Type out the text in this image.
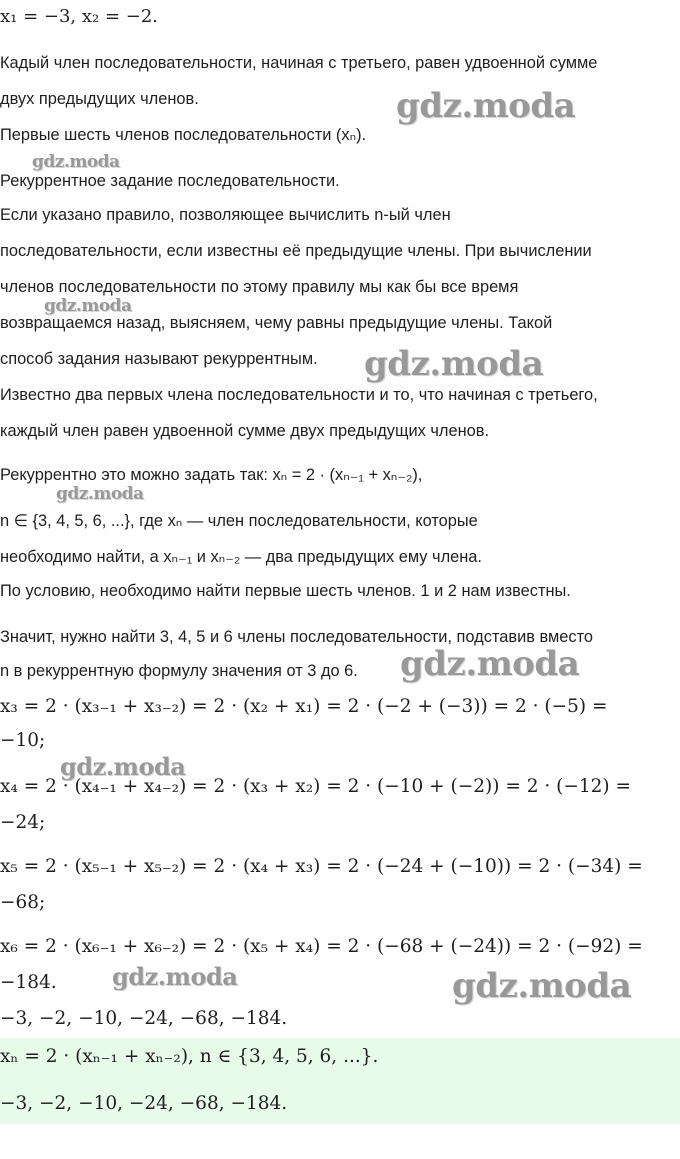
x₁ = −3, x₂ = −2.
Кадый член последовательности, начиная с третьего, равен удвоенной сумме
двух предыдущих членов.
Первые шесть членов последовательности (xₙ).
Рекуррентное задание последовательности.
Если указано правило, позволяющее вычислить n-ый член
последовательности, если известны её предыдущие члены. При вычислении
членов последовательности по этому правилу мы как бы все время
возвращаемся назад, выясняем, чему равны предыдущие члены. Такой
способ задания называют рекуррентным.
Известно два первых члена последовательности и то, что начиная с третьего,
каждый член равен удвоенной сумме двух предыдущих членов.
Рекуррентно это можно задать так: xₙ = 2 · (xₙ₋₁ + xₙ₋₂),
n ∈ {3, 4, 5, 6, ...}, где xₙ — член последовательности, которые
необходимо найти, а xₙ₋₁ и xₙ₋₂ — два предыдущих ему члена.
По условию, необходимо найти первые шесть членов. 1 и 2 нам известны.
Значит, нужно найти 3, 4, 5 и 6 члены последовательности, подставив вместо
n в рекуррентную формулу значения от 3 до 6.
x₃ = 2 · (x₃₋₁ + x₃₋₂) = 2 · (x₂ + x₁) = 2 · (−2 + (−3)) = 2 · (−5) =
−10;
x₄ = 2 · (x₄₋₁ + x₄₋₂) = 2 · (x₃ + x₂) = 2 · (−10 + (−2)) = 2 · (−12) =
−24;
x₅ = 2 · (x₅₋₁ + x₅₋₂) = 2 · (x₄ + x₃) = 2 · (−24 + (−10)) = 2 · (−34) =
−68;
x₆ = 2 · (x₆₋₁ + x₆₋₂) = 2 · (x₅ + x₄) = 2 · (−68 + (−24)) = 2 · (−92) =
−184.
−3, −2, −10, −24, −68, −184.
xₙ = 2 · (xₙ₋₁ + xₙ₋₂), n ∈ {3, 4, 5, 6, ...}.
−3, −2, −10, −24, −68, −184.
gdz.moda
gdz.moda
gdz.moda
gdz.moda
gdz.moda
gdz.moda
gdz.moda
gdz.moda	gdz.moda
